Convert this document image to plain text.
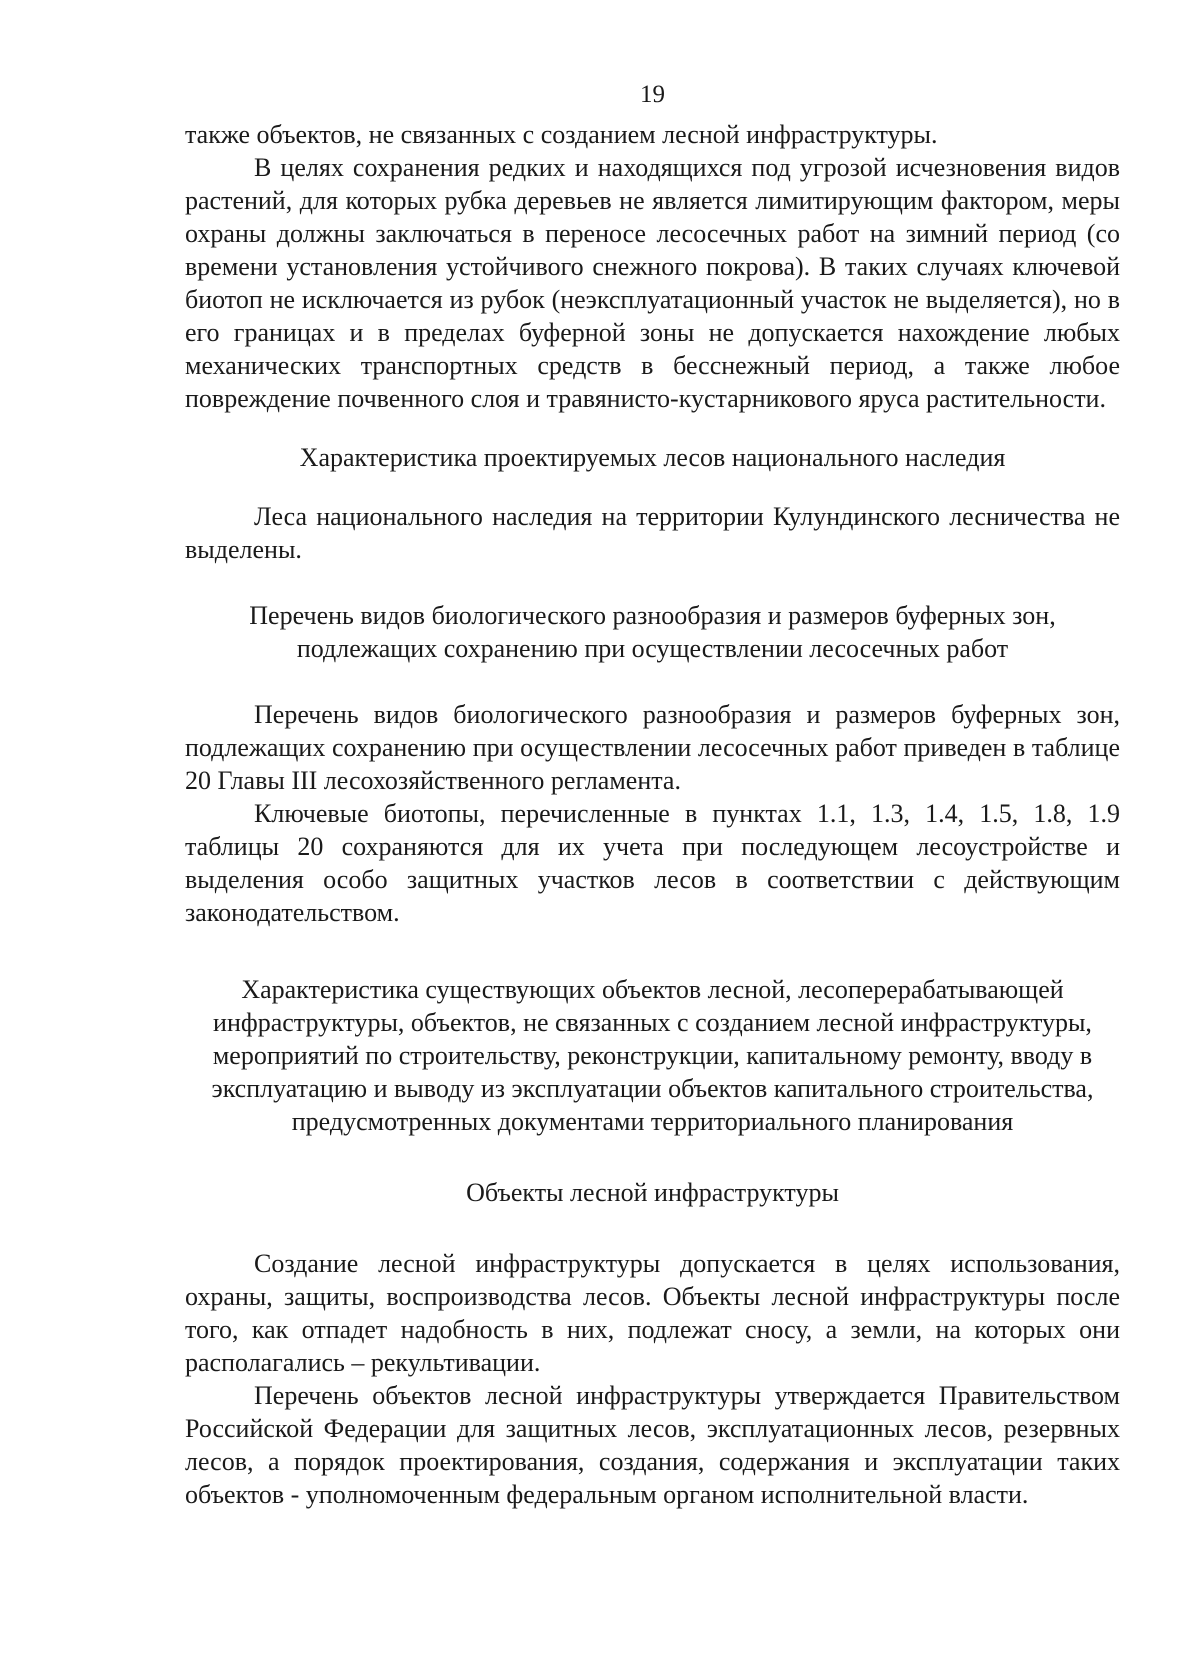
19

также объектов, не связанных с созданием лесной инфраструктуры.

В целях сохранения редких и находящихся под угрозой исчезновения видов растений, для которых рубка деревьев не является лимитирующим фактором, меры охраны должны заключаться в переносе лесосечных работ на зимний период (со времени установления устойчивого снежного покрова). В таких случаях ключевой биотоп не исключается из рубок (неэксплуатационный участок не выделяется), но в его границах и в пределах буферной зоны не допускается нахождение любых механических транспортных средств в бесснежный период, а также любое повреждение почвенного слоя и травянисто-кустарникового яруса растительности.

Характеристика проектируемых лесов национального наследия

Леса национального наследия на территории Кулундинского лесничества не выделены.

Перечень видов биологического разнообразия и размеров буферных зон, подлежащих сохранению при осуществлении лесосечных работ

Перечень видов биологического разнообразия и размеров буферных зон, подлежащих сохранению при осуществлении лесосечных работ приведен в таблице 20 Главы III лесохозяйственного регламента.

Ключевые биотопы, перечисленные в пунктах 1.1, 1.3, 1.4, 1.5, 1.8, 1.9 таблицы 20 сохраняются для их учета при последующем лесоустройстве и выделения особо защитных участков лесов в соответствии с действующим законодательством.

Характеристика существующих объектов лесной, лесоперерабатывающей инфраструктуры, объектов, не связанных с созданием лесной инфраструктуры, мероприятий по строительству, реконструкции, капитальному ремонту, вводу в эксплуатацию и выводу из эксплуатации объектов капитального строительства, предусмотренных документами территориального планирования

Объекты лесной инфраструктуры

Создание лесной инфраструктуры допускается в целях использования, охраны, защиты, воспроизводства лесов. Объекты лесной инфраструктуры после того, как отпадет надобность в них, подлежат сносу, а земли, на которых они располагались – рекультивации.

Перечень объектов лесной инфраструктуры утверждается Правительством Российской Федерации для защитных лесов, эксплуатационных лесов, резервных лесов, а порядок проектирования, создания, содержания и эксплуатации таких объектов - уполномоченным федеральным органом исполнительной власти.
